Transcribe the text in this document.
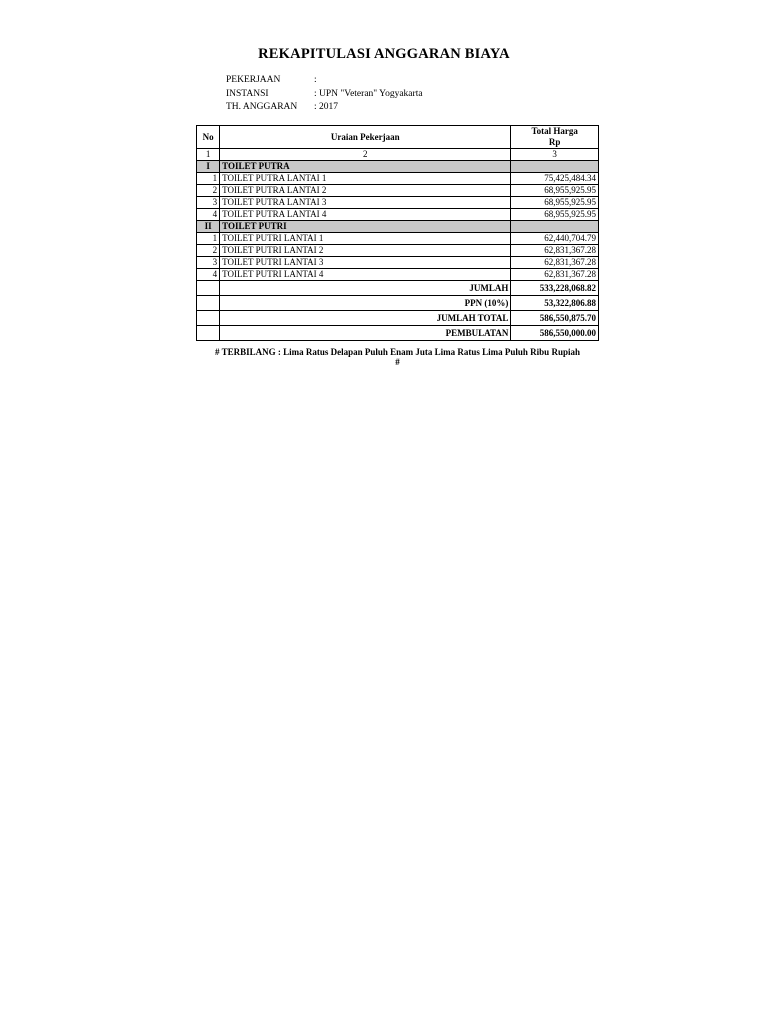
REKAPITULASI ANGGARAN BIAYA
PEKERJAAN	:
INSTANSI	: UPN "Veteran" Yogyakarta
TH. ANGGARAN : 2017
No	Uraian Pekerjaan	Total Harga
Rp

1	2	3
I	TOILET PUTRA	
1	TOILET PUTRA LANTAI 1	75,425,484.34
2	TOILET PUTRA LANTAI 2	68,955,925.95
3	TOILET PUTRA LANTAI 3	68,955,925.95
4	TOILET PUTRA LANTAI 4	68,955,925.95
II	TOILET PUTRI	
1	TOILET PUTRI LANTAI 1	62,440,704.79
2	TOILET PUTRI LANTAI 2	62,831,367.28
3	TOILET PUTRI LANTAI 3	62,831,367.28
4	TOILET PUTRI LANTAI 4	62,831,367.28
	JUMLAH	533,228,068.82
	PPN (10%)	53,322,806.88
	JUMLAH TOTAL	586,550,875.70
	PEMBULATAN	586,550,000.00
# TERBILANG : Lima Ratus Delapan Puluh Enam Juta Lima Ratus Lima Puluh Ribu Rupiah
#
